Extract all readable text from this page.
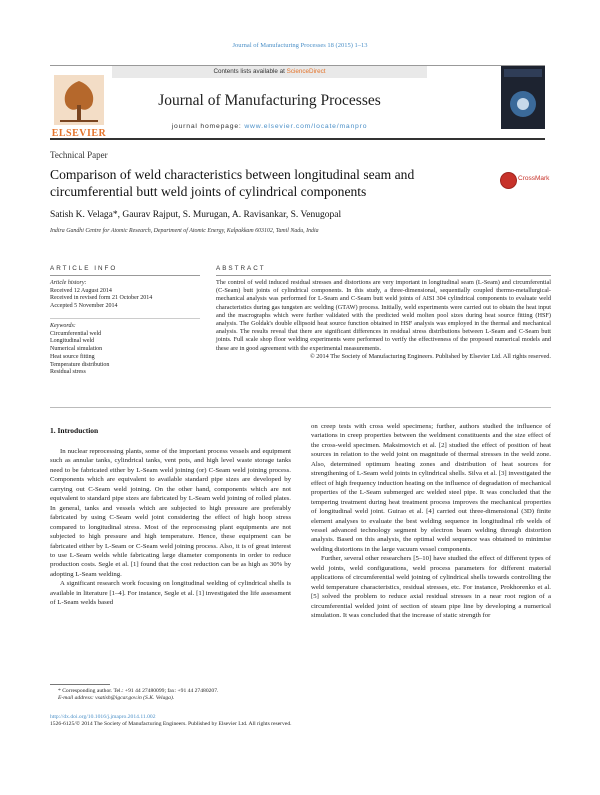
Journal of Manufacturing Processes 18 (2015) 1–13
ELSEVIER
Contents lists available at ScienceDirect
Journal of Manufacturing Processes
journal homepage: www.elsevier.com/locate/manpro
Technical Paper
Comparison of weld characteristics between longitudinal seam and circumferential butt weld joints of cylindrical components
CrossMark
Satish K. Velaga*, Gaurav Rajput, S. Murugan, A. Ravisankar, S. Venugopal
Indira Gandhi Centre for Atomic Research, Department of Atomic Energy, Kalpakkam 603102, Tamil Nadu, India
ARTICLE INFO
Article history:
Received 12 August 2014
Received in revised form 21 October 2014
Accepted 5 November 2014
Keywords:
Circumferential weld
Longitudinal weld
Numerical simulation
Heat source fitting
Temperature distribution
Residual stress
ABSTRACT
The control of weld induced residual stresses and distortions are very important in longitudinal seam (L-Seam) and circumferential (C-Seam) butt joints of cylindrical components. In this study, a three-dimensional, sequentially coupled thermo-metallurgical-mechanical analysis was performed for L-Seam and C-Seam butt weld joints of AISI 304 cylindrical components to evaluate weld characteristics during gas tungsten arc welding (GTAW) process. Initially, weld experiments were carried out to obtain the heat input and the macrographs which were further validated with the predicted weld molten pool sizes during heat source fitting (HSF) analysis. The Goldak's double ellipsoid heat source function obtained in HSF analysis was employed in the thermal and mechanical analysis. The results reveal that there are significant differences in residual stress distributions between L-Seam and C-Seam butt joints. Full scale shop floor welding experiments were performed to verify the effectiveness of the proposed numerical models and these are in good agreement with the experimental measurements.
© 2014 The Society of Manufacturing Engineers. Published by Elsevier Ltd. All rights reserved.
1. Introduction

In nuclear reprocessing plants, some of the important process vessels and equipment such as annular tanks, cylindrical tanks, vent pots, and high level waste storage tanks need to be fabricated either by L-Seam weld joining (or) C-Seam weld joining process. Components which are equivalent to available standard pipe sizes are developed by carrying out C-Seam weld joining. On the other hand, components which are not equivalent to standard pipe sizes are fabricated by L-Seam weld joining of rolled plates. In general, tanks and vessels which are subjected to high pressure are preferably fabricated by using C-Seam weld joint considering the effect of high hoop stress compared to longitudinal stress. Most of the reprocessing plant equipments are not subjected to high pressure and high temperature. Hence, these equipment can be fabricated either by L-Seam or C-Seam weld joining process. Also, it is of great interest to use L-Seam welds while fabricating large diameter components in order to reduce production costs. Segle et al. [1] found that the cost reduction can be as high as 30% by adopting L-Seam welding.

A significant research work focusing on longitudinal welding of cylindrical shells is available in literature [1–4]. For instance, Segle et al. [1] investigated the life assessment of L-Seam welds based

on creep tests with cross weld specimens; further, authors studied the influence of variations in creep properties between the weldment constituents and the size effect of the cross-weld specimen. Maksimovich et al. [2] studied the effect of position of heat sources in relation to the weld joint on magnitude of thermal stresses in the weld zone. Also, determined optimum heating zones and distribution of heat sources for strengthening of L-Seam weld joints in cylindrical shells. Silva et al. [3] investigated the effect of high frequency induction heating on the influence of degradation of mechanical properties of the L-Seam submerged arc welded steel pipe. It was concluded that the tempering treatment during heat treatment process improves the mechanical properties of longitudinal weld joint. Guirao et al. [4] carried out three-dimensional (3D) finite element analyses to evaluate the best welding sequence in longitudinal rib welds of vessel advanced technology segment by electron beam welding through distortion analysis. Based on this analysis, the optimal weld sequence was obtained to minimise welding distortions in the large vacuum vessel components.

Further, several other researchers [5–10] have studied the effect of different types of weld joints, weld configurations, weld process parameters for different material applications of circumferential weld joining of cylindrical shells towards controlling the weld temperature characteristics, residual stresses, etc. For instance, Prokhorenko et al. [5] solved the problem to reduce axial residual stresses in a near root region of a circumferential welded joint of section of steam pipe line by developing a numerical simulation. It was concluded that the increase of static strength for

* Corresponding author. Tel.: +91 44 27480099; fax: +91 44 27480207.
E-mail address: vsatish@igcar.gov.in (S.K. Velaga).
http://dx.doi.org/10.1016/j.jmapro.2014.11.002
1526-6125/© 2014 The Society of Manufacturing Engineers. Published by Elsevier Ltd. All rights reserved.
